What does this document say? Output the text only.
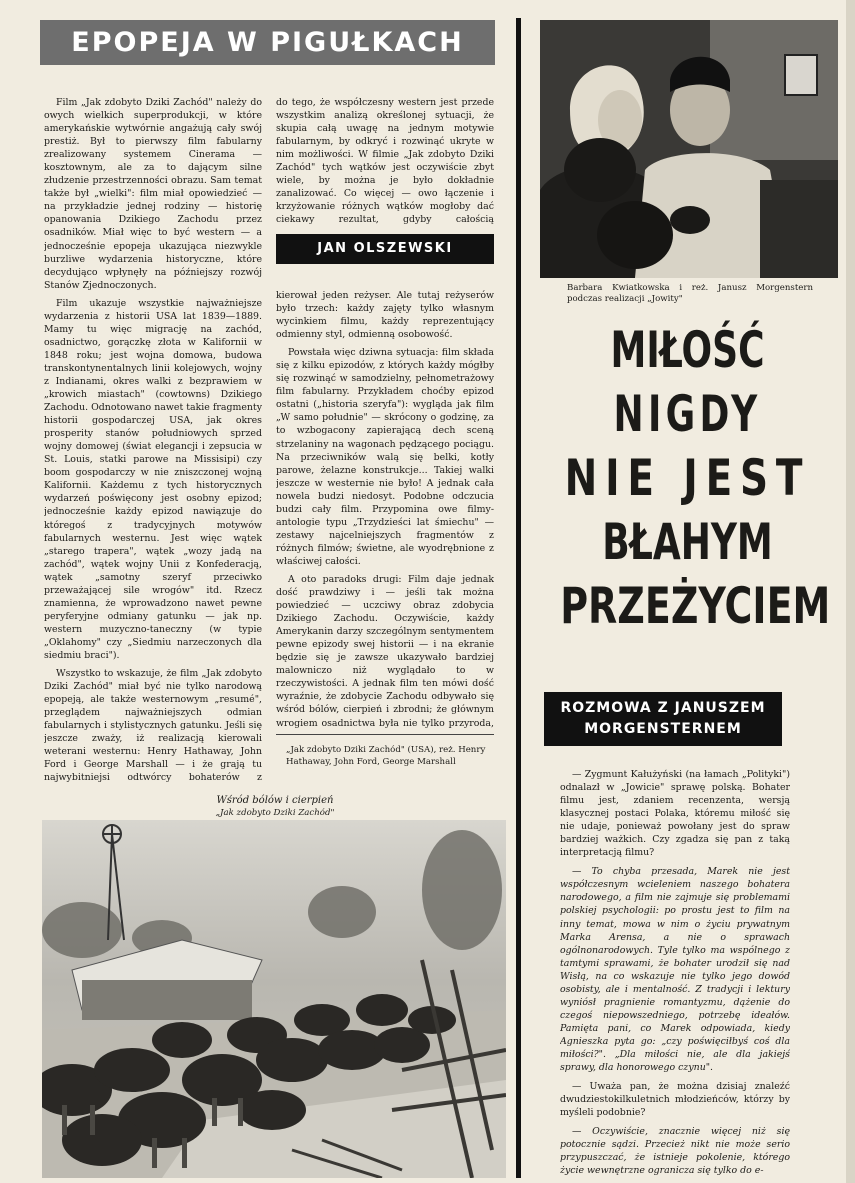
EPOPEJA W PIGUŁKACH

Film „Jak zdobyto Dziki Zachód" należy do owych wielkich superprodukcji, w które amerykańskie wytwórnie angażują cały swój prestiż. Był to pierwszy film fabularny zrealizowany systemem Cinerama — kosztownym, ale za to dającym silne złudzenie przestrzenności obrazu. Sam temat także był „wielki": film miał opowiedzieć — na przykładzie jednej rodziny — historię opanowania Dzikiego Zachodu przez osadników. Miał więc to być western — a jednocześnie epopeja ukazująca niezwykle burzliwe wydarzenia historyczne, które decydująco wpłynęły na późniejszy rozwój Stanów Zjednoczonych.

Film ukazuje wszystkie najważniejsze wydarzenia z historii USA lat 1839—1889. Mamy tu więc migrację na zachód, osadnictwo, gorączkę złota w Kalifornii w 1848 roku; jest wojna domowa, budowa transkontynentalnych linii kolejowych, wojny z Indianami, okres walki z bezprawiem w „krowich miastach" (cowtowns) Dzikiego Zachodu. Odnotowano nawet takie fragmenty historii gospodarczej USA, jak okres prosperity stanów południowych sprzed wojny domowej (świat elegancji i zepsucia w St. Louis, statki parowe na Missisipi) czy boom gospodarczy w nie zniszczonej wojną Kalifornii. Każdemu z tych historycznych wydarzeń poświęcony jest osobny epizod; jednocześnie każdy epizod nawiązuje do któregoś z tradycyjnych motywów fabularnych westernu. Jest więc wątek „starego trapera", wątek „wozy jadą na zachód", wątek wojny Unii z Konfederacją, wątek „samotny szeryf przeciwko przeważającej sile wrogów" itd. Rzecz znamienna, że wprowadzono nawet pewne peryferyjne odmiany gatunku — jak np. western muzyczno-taneczny (w typie „Oklahomy" czy „Siedmiu narzeczonych dla siedmiu braci").

Wszystko to wskazuje, że film „Jak zdobyto Dziki Zachód" miał być nie tylko narodową epopeją, ale także westernowym „resumé", przeglądem najważniejszych odmian fabularnych i stylistycznych gatunku. Jeśli się jeszcze zważy, iż realizacją kierowali weterani westernu: Henry Hathaway, John Ford i George Marshall — i że grają tu najwybitniejsi odtwórcy bohaterów z

do tego, że współczesny western jest przede wszystkim analizą określonej sytuacji, że skupia całą uwagę na jednym motywie fabularnym, by odkryć i rozwinąć ukryte w nim możliwości. W filmie „Jak zdobyto Dziki Zachód" tych wątków jest oczywiście zbyt wiele, by można je było dokładnie zanalizować. Co więcej — owo łączenie i krzyżowanie różnych wątków mogłoby dać ciekawy rezultat, gdyby całością

JAN OLSZEWSKI

kierował jeden reżyser. Ale tutaj reżyserów było trzech: każdy zajęty tylko własnym wycinkiem filmu, każdy reprezentujący odmienny styl, odmienną osobowość.

Powstała więc dziwna sytuacja: film składa się z kilku epizodów, z których każdy mógłby się rozwinąć w samodzielny, pełnometrażowy film fabularny. Przykładem choćby epizod ostatni („historia szeryfa"): wygląda jak film „W samo południe" — skrócony o godzinę, za to wzbogacony zapierającą dech sceną strzelaniny na wagonach pędzącego pociągu. Na przeciwników walą się belki, kotły parowe, żelazne konstrukcje... Takiej walki jeszcze w westernie nie było! A jednak cała nowela budzi niedosyt. Podobne odczucia budzi cały film. Przypomina owe filmy-antologie typu „Trzydzieści lat śmiechu" — zestawy najcelniejszych fragmentów z różnych filmów; świetne, ale wyodrębnione z właściwej całości.

A oto paradoks drugi: Film daje jednak dość prawdziwy i — jeśli tak można powiedzieć — uczciwy obraz zdobycia Dzikiego Zachodu. Oczywiście, każdy Amerykanin darzy szczególnym sentymentem pewne epizody swej historii — i na ekranie będzie się je zawsze ukazywało bardziej malowniczo niż wyglądało to w rzeczywistości. A jednak film ten mówi dość wyraźnie, że zdobycie Zachodu odbywało się wśród bólów, cierpień i zbrodni; że głównym wrogiem osadnictwa była nie tylko przyroda,

„Jak zdobyto Dziki Zachód" (USA), reż. Henry Hathaway, John Ford, George Marshall
Wśród bólów i cierpień
„Jak zdobyto Dziki Zachód"
Barbara Kwiatkowska i reż. Janusz Morgenstern podczas realizacji „Jowity"
MIŁOŚĆ
NIGDY
NIE JEST
BŁAHYM
PRZEŻYCIEM
ROZMOWA Z JANUSZEM
MORGENSTERNEM

— Zygmunt Kałużyński (na łamach „Polityki") odnalazł w „Jowicie" sprawę polską. Bohater filmu jest, zdaniem recenzenta, wersją klasycznej postaci Polaka, któremu miłość się nie udaje, ponieważ powołany jest do spraw bardziej ważkich. Czy zgadza się pan z taką interpretacją filmu?

— To chyba przesada, Marek nie jest współczesnym wcieleniem naszego bohatera narodowego, a film nie zajmuje się problemami polskiej psychologii: po prostu jest to film na inny temat, mowa w nim o życiu prywatnym Marka Arensa, a nie o sprawach ogólnonarodowych. Tyle tylko ma wspólnego z tamtymi sprawami, że bohater urodził się nad Wisłą, na co wskazuje nie tylko jego dowód osobisty, ale i mentalność. Z tradycji i lektury wyniósł pragnienie romantyzmu, dążenie do czegoś niepowszedniego, potrzebę ideałów. Pamięta pani, co Marek odpowiada, kiedy Agnieszka pyta go: „czy poświęciłbyś coś dla miłości?". „Dla miłości nie, ale dla jakiejś sprawy, dla honorowego czynu".

— Uważa pan, że można dzisiaj znaleźć dwudziestokilkuletnich młodzieńców, którzy by myśleli podobnie?

— Oczywiście, znacznie więcej niż się potocznie sądzi. Przecież nikt nie może serio przypuszczać, że istnieje pokolenie, którego życie wewnętrzne ogranicza się tylko do e-
